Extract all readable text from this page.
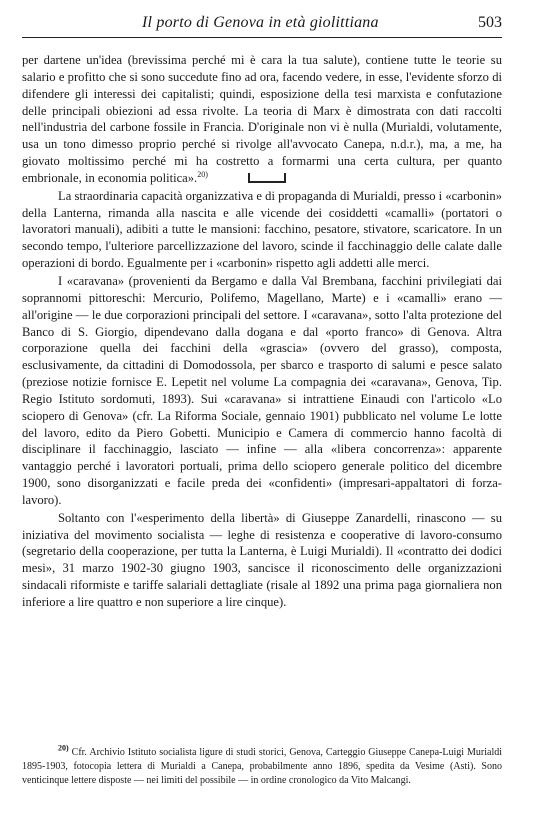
Il porto di Genova in età giolittiana	503

per dartene un'idea (brevissima perché mi è cara la tua salute), contiene tutte le teorie su salario e profitto che si sono succedute fino ad ora, facendo vedere, in esse, l'evidente sforzo di difendere gli interessi dei capitalisti; quindi, esposizione della tesi marxista e confutazione delle principali obiezioni ad essa rivolte. La teoria di Marx è dimostrata con dati raccolti nell'industria del carbone fossile in Francia. D'originale non vi è nulla (Murialdi, volutamente, usa un tono dimesso proprio perché si rivolge all'avvocato Canepa, n.d.r.), ma, a me, ha giovato moltissimo perché mi ha costretto a formarmi una certa cultura, per quanto embrionale, in economia politica».$^{20)}$

La straordinaria capacità organizzativa e di propaganda di Murialdi, presso i «carbonin» della Lanterna, rimanda alla nascita e alle vicende dei cosiddetti «camalli» (portatori o lavoratori manuali), adibiti a tutte le mansioni: facchino, pesatore, stivatore, scaricatore. In un secondo tempo, l'ulteriore parcellizzazione del lavoro, scinde il facchinaggio delle calate dalle operazioni di bordo. Egualmente per i «carbonin» rispetto agli addetti alle merci.

I «caravana» (provenienti da Bergamo e dalla Val Brembana, facchini privilegiati dai soprannomi pittoreschi: Mercurio, Polifemo, Magellano, Marte) e i «camalli» erano — all'origine — le due corporazioni principali del settore. I «caravana», sotto l'alta protezione del Banco di S. Giorgio, dipendevano dalla dogana e dal «porto franco» di Genova. Altra corporazione quella dei facchini della «grascia» (ovvero del grasso), composta, esclusivamente, da cittadini di Domodossola, per sbarco e trasporto di salumi e pesce salato (preziose notizie fornisce E. Lepetit nel volume La compagnia dei «caravana», Genova, Tip. Regio Istituto sordomuti, 1893). Sui «caravana» si intrattiene Einaudi con l'articolo «Lo sciopero di Genova» (cfr. La Riforma Sociale, gennaio 1901) pubblicato nel volume Le lotte del lavoro, edito da Piero Gobetti. Municipio e Camera di commercio hanno facoltà di disciplinare il facchinaggio, lasciato — infine — alla «libera concorrenza»: apparente vantaggio perché i lavoratori portuali, prima dello sciopero generale politico del dicembre 1900, sono disorganizzati e facile preda dei «confidenti» (impresari-appaltatori di forza-lavoro).

Soltanto con l'«esperimento della libertà» di Giuseppe Zanardelli, rinascono — su iniziativa del movimento socialista — leghe di resistenza e cooperative di lavoro-consumo (segretario della cooperazione, per tutta la Lanterna, è Luigi Murialdi). Il «contratto dei dodici mesi», 31 marzo 1902-30 giugno 1903, sancisce il riconoscimento delle organizzazioni sindacali riformiste e tariffe salariali dettagliate (risale al 1892 una prima paga giornaliera non inferiore a lire quattro e non superiore a lire cinque).

$^{20)}$ Cfr. Archivio Istituto socialista ligure di studi storici, Genova, Carteggio Giuseppe Canepa-Luigi Murialdi 1895-1903, fotocopia lettera di Murialdi a Canepa, probabilmente anno 1896, spedita da Vesime (Asti). Sono venticinque lettere disposte — nei limiti del possibile — in ordine cronologico da Vito Malcangi.
